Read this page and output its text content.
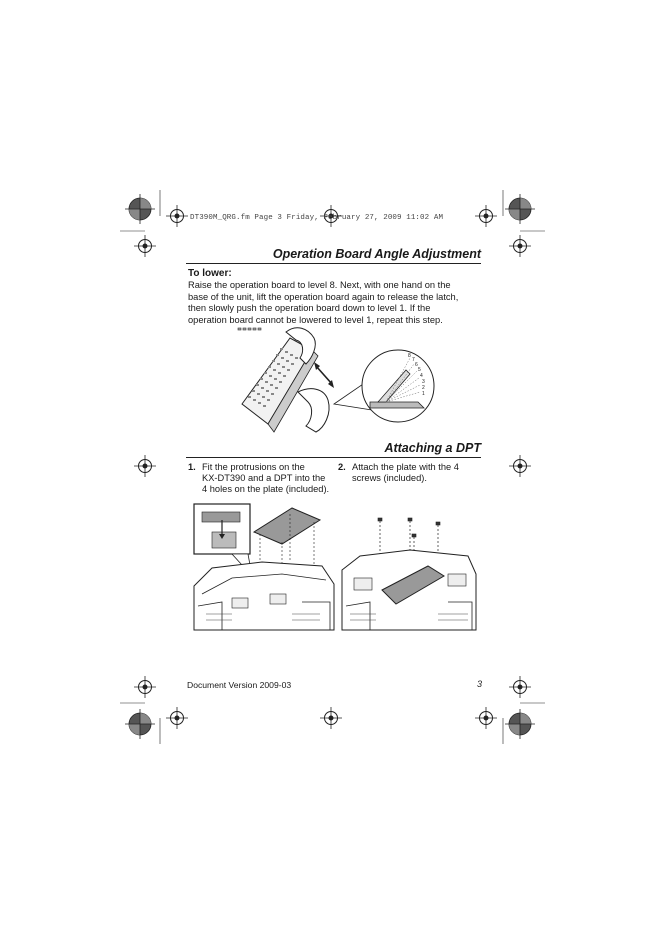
DT390M_QRG.fm Page 3 Friday, February 27, 2009 11:02 AM
Operation Board Angle Adjustment
To lower:
Raise the operation board to level 8. Next, with one hand on the
base of the unit, lift the operation board again to release the latch,
then slowly push the operation board down to level 1. If the
operation board cannot be lowered to level 1, repeat this step.
8
7
6
5
4
3
2
1
Attaching a DPT
1. Fit the protrusions on the
KX-DT390 and a DPT into the
4 holes on the plate (included).
2. Attach the plate with the 4
screws (included).
Document Version 2009-03	3
